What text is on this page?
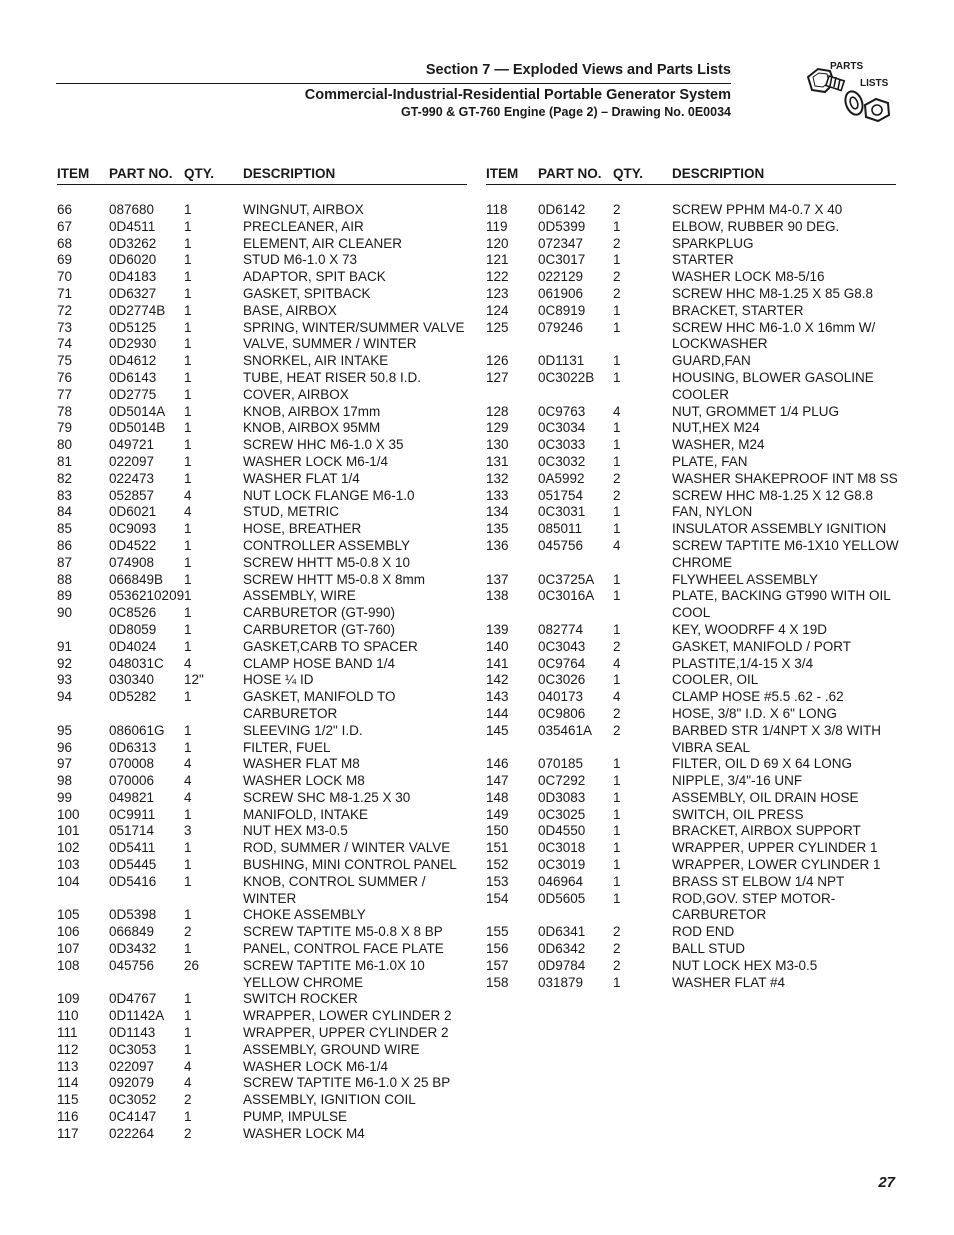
Section 7 — Exploded Views and Parts Lists
Commercial-Industrial-Residential Portable Generator System
GT-990 & GT-760 Engine (Page 2) – Drawing No. 0E0034
PARTS
LISTS
ITEM PART NO. QTY. DESCRIPTION
66	087680 1	WINGNUT, AIRBOX
67	0D4511 1	PRECLEANER, AIR
68	0D3262 1	ELEMENT, AIR CLEANER
69	0D6020 1	STUD M6-1.0 X 73
70	0D4183 1	ADAPTOR, SPIT BACK
71	0D6327 1	GASKET, SPITBACK
72	0D2774B 1	BASE, AIRBOX
73	0D5125 1	SPRING, WINTER/SUMMER VALVE
74	0D2930 1	VALVE, SUMMER / WINTER
75	0D4612 1	SNORKEL, AIR INTAKE
76	0D6143 1	TUBE, HEAT RISER 50.8 I.D.
77	0D2775 1	COVER, AIRBOX
78	0D5014A 1	KNOB, AIRBOX 17mm
79	0D5014B 1	KNOB, AIRBOX 95MM
80	049721 1	SCREW HHC M6-1.0 X 35
81	022097 1	WASHER LOCK M6-1/4
82	022473 1	WASHER FLAT 1/4
83	052857 4	NUT LOCK FLANGE M6-1.0
84	0D6021 4	STUD, METRIC
85	0C9093 1	HOSE, BREATHER
86	0D4522 1	CONTROLLER ASSEMBLY
87	074908 1	SCREW HHTT M5-0.8 X 10
88	066849B 1	SCREW HHTT M5-0.8 X 8mm
89	0536210209 1	ASSEMBLY, WIRE
90	0C8526 1	CARBURETOR (GT-990)
0D8059 1	CARBURETOR (GT-760)
91	0D4024 1	GASKET,CARB TO SPACER
92	048031C 4	CLAMP HOSE BAND 1/4
93	030340 12"	HOSE ¼ ID
94	0D5282 1	GASKET, MANIFOLD TO CARBURETOR
95	086061G 1	SLEEVING 1/2" I.D.
96	0D6313 1	FILTER, FUEL
97	070008 4	WASHER FLAT M8
98	070006 4	WASHER LOCK M8
99	049821 4	SCREW SHC M8-1.25 X 30
100 0C9911 1	MANIFOLD, INTAKE
101 051714 3	NUT HEX M3-0.5
102 0D5411 1	ROD, SUMMER / WINTER VALVE
103 0D5445 1	BUSHING, MINI CONTROL PANEL
104 0D5416 1	KNOB, CONTROL SUMMER / WINTER
105 0D5398 1	CHOKE ASSEMBLY
106 066849 2	SCREW TAPTITE M5-0.8 X 8 BP
107 0D3432 1	PANEL, CONTROL FACE PLATE
108 045756 26	SCREW TAPTITE M6-1.0X 10 YELLOW CHROME
109 0D4767 1	SWITCH ROCKER
110 0D1142A 1	WRAPPER, LOWER CYLINDER 2
111 0D1143 1	WRAPPER, UPPER CYLINDER 2
112 0C3053 1	ASSEMBLY, GROUND WIRE
113 022097 4	WASHER LOCK M6-1/4
114 092079 4	SCREW TAPTITE M6-1.0 X 25 BP
115 0C3052 2	ASSEMBLY, IGNITION COIL
116 0C4147 1	PUMP, IMPULSE
117 022264 2	WASHER LOCK M4
ITEM PART NO. QTY. DESCRIPTION
118 0D6142 2	SCREW PPHM M4-0.7 X 40
119 0D5399 1	ELBOW, RUBBER 90 DEG.
120 072347 2	SPARKPLUG
121 0C3017 1	STARTER
122 022129 2	WASHER LOCK M8-5/16
123 061906 2	SCREW HHC M8-1.25 X 85 G8.8
124 0C8919 1	BRACKET, STARTER
125 079246 1	SCREW HHC M6-1.0 X 16mm W/ LOCKWASHER
126 0D1131 1	GUARD,FAN
127 0C3022B 1	HOUSING, BLOWER GASOLINE COOLER
128 0C9763 4	NUT, GROMMET 1/4 PLUG
129 0C3034 1	NUT,HEX M24
130 0C3033 1	WASHER, M24
131 0C3032 1	PLATE, FAN
132 0A5992 2	WASHER SHAKEPROOF INT M8 SS
133 051754 2	SCREW HHC M8-1.25 X 12 G8.8
134 0C3031 1	FAN, NYLON
135 085011 1	INSULATOR ASSEMBLY IGNITION
136 045756 4	SCREW TAPTITE M6-1X10 YELLOW CHROME
137 0C3725A 1	FLYWHEEL ASSEMBLY
138 0C3016A 1	PLATE, BACKING GT990 WITH OIL COOL
139 082774 1	KEY, WOODRFF 4 X 19D
140 0C3043 2	GASKET, MANIFOLD / PORT
141 0C9764 4	PLASTITE,1/4-15 X 3/4
142 0C3026 1	COOLER, OIL
143 040173 4	CLAMP HOSE #5.5 .62 - .62
144 0C9806 2	HOSE, 3/8" I.D. X 6" LONG
145 035461A 2	BARBED STR 1/4NPT X 3/8 WITH VIBRA SEAL
146 070185 1	FILTER, OIL D 69 X 64 LONG
147 0C7292 1	NIPPLE, 3/4"-16 UNF
148 0D3083 1	ASSEMBLY, OIL DRAIN HOSE
149 0C3025 1	SWITCH, OIL PRESS
150 0D4550 1	BRACKET, AIRBOX SUPPORT
151 0C3018 1	WRAPPER, UPPER CYLINDER 1
152 0C3019 1	WRAPPER, LOWER CYLINDER 1
153 046964 1	BRASS ST ELBOW 1/4 NPT
154 0D5605 1	ROD,GOV. STEP MOTOR-CARBURETOR
155 0D6341 2	ROD END
156 0D6342 2	BALL STUD
157 0D9784 2	NUT LOCK HEX M3-0.5
158 031879 1	WASHER FLAT #4
27
